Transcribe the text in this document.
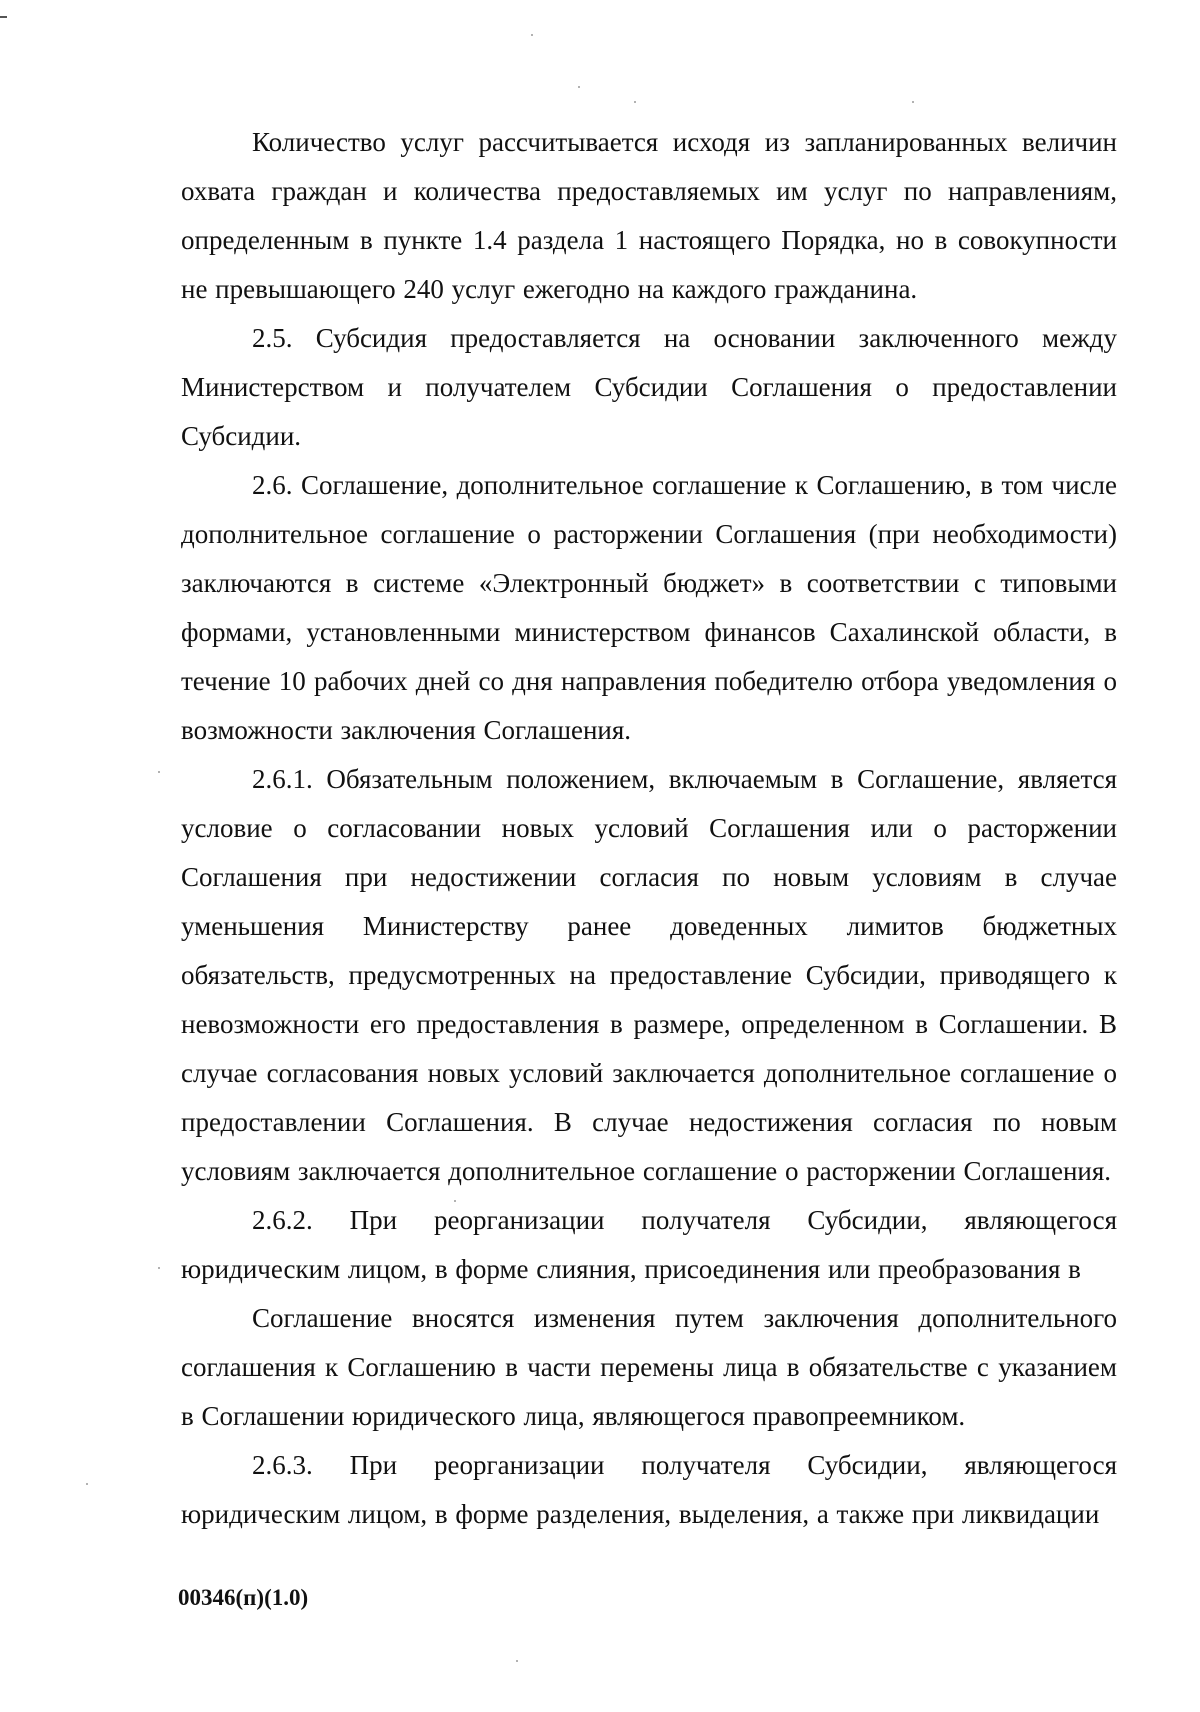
Количество услуг рассчитывается исходя из запланированных величин охвата граждан и количества предоставляемых им услуг по направлениям, определенным в пункте 1.4 раздела 1 настоящего Порядка, но в совокупности не превышающего 240 услуг ежегодно на каждого гражданина.

2.5. Субсидия предоставляется на основании заключенного между Министерством и получателем Субсидии Соглашения о предоставлении Субсидии.

2.6. Соглашение, дополнительное соглашение к Соглашению, в том числе дополнительное соглашение о расторжении Соглашения (при необходимости) заключаются в системе «Электронный бюджет» в соответствии с типовыми формами, установленными министерством финансов Сахалинской области, в течение 10 рабочих дней со дня направления победителю отбора уведомления о возможности заключения Соглашения.

2.6.1. Обязательным положением, включаемым в Соглашение, является условие о согласовании новых условий Соглашения или о расторжении Соглашения при недостижении согласия по новым условиям в случае уменьшения Министерству ранее доведенных лимитов бюджетных обязательств, предусмотренных на предоставление Субсидии, приводящего к невозможности его предоставления в размере, определенном в Соглашении. В случае согласования новых условий заключается дополнительное соглашение о предоставлении Соглашения. В случае недостижения согласия по новым условиям заключается дополнительное соглашение о расторжении Соглашения.

2.6.2. При реорганизации получателя Субсидии, являющегося юридическим лицом, в форме слияния, присоединения или преобразования в

Соглашение вносятся изменения путем заключения дополнительного соглашения к Соглашению в части перемены лица в обязательстве с указанием в Соглашении юридического лица, являющегося правопреемником.

2.6.3. При реорганизации получателя Субсидии, являющегося юридическим лицом, в форме разделения, выделения, а также при ликвидации

00346(п)(1.0)
